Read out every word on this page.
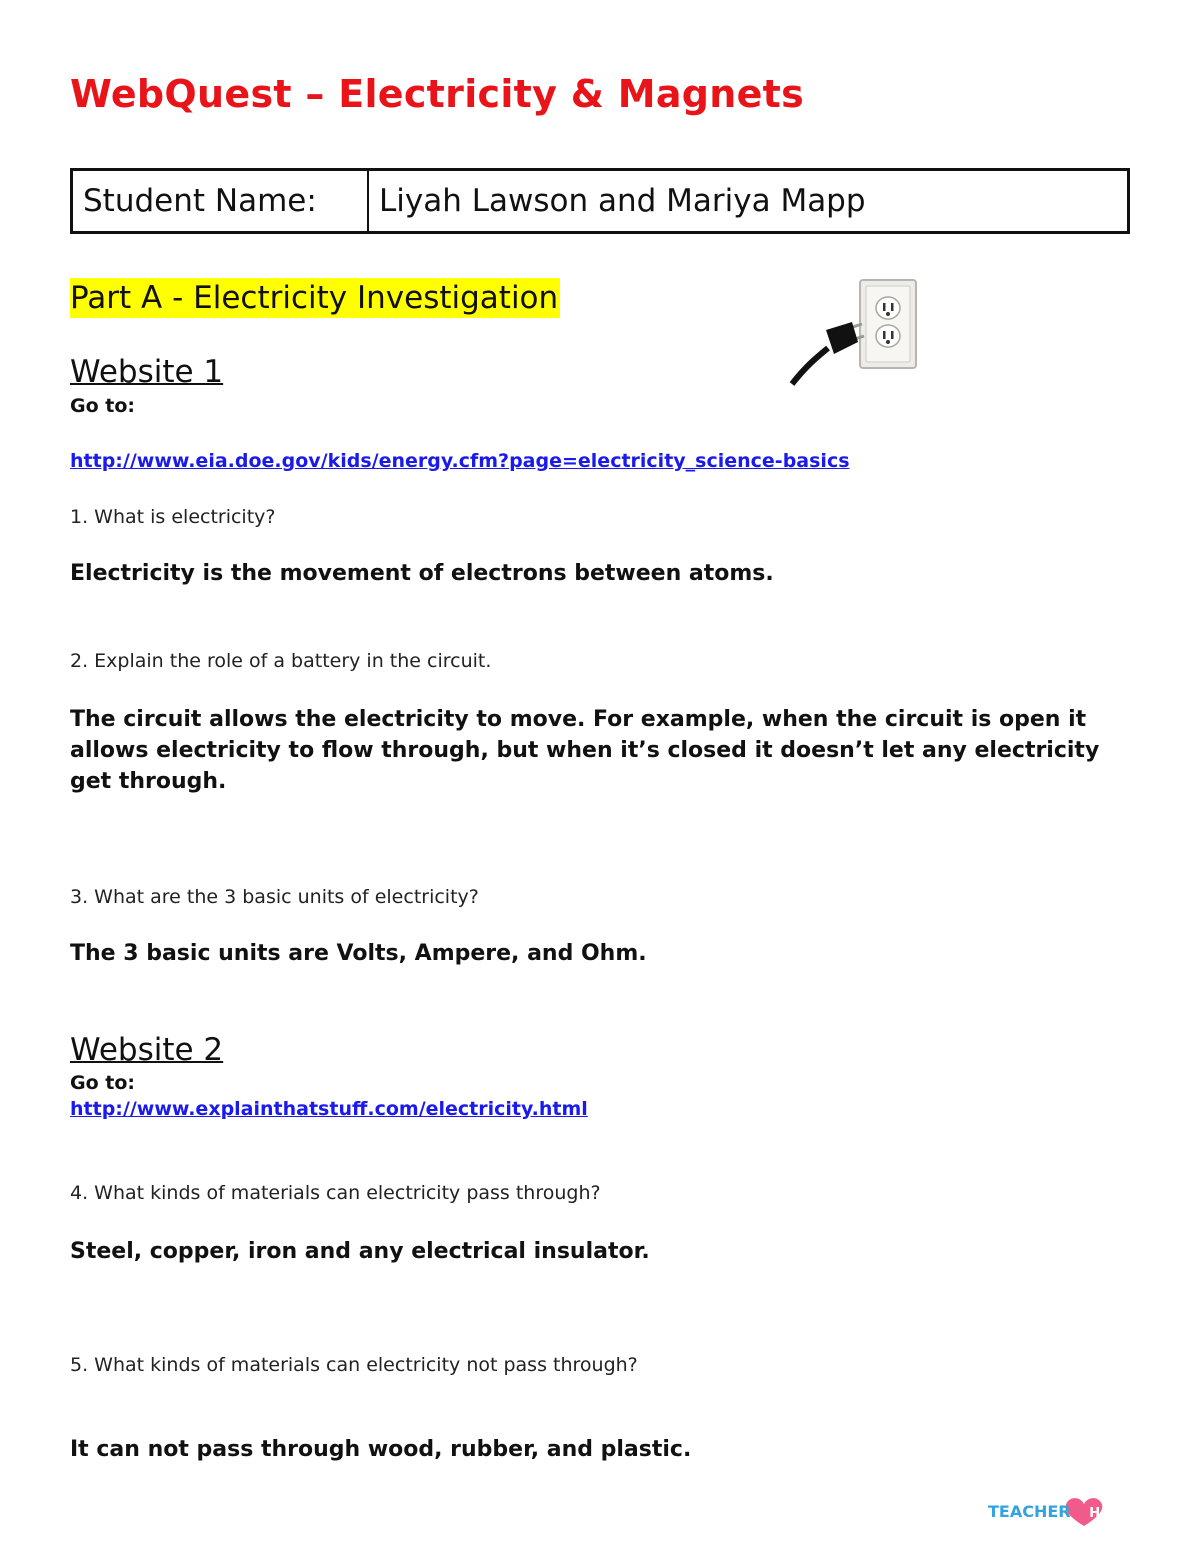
WebQuest – Electricity & Magnets
Student Name:	Liyah Lawson and Mariya Mapp
Part A - Electricity Investigation
Website 1
Go to:
http://www.eia.doe.gov/kids/energy.cfm?page=electricity_science-basics
1. What is electricity?
Electricity is the movement of electrons between atoms.
2. Explain the role of a battery in the circuit.
The circuit allows the electricity to move. For example, when the circuit is open it
allows electricity to flow through, but when it’s closed it doesn’t let any electricity
get through.
3. What are the 3 basic units of electricity?
The 3 basic units are Volts, Ampere, and Ohm.
Website 2
Go to:
http://www.explainthatstuff.com/electricity.html
4. What kinds of materials can electricity pass through?
Steel, copper, iron and any electrical insulator.
5. What kinds of materials can electricity not pass through?
It can not pass through wood, rubber, and plastic.
TEACHERat HART
